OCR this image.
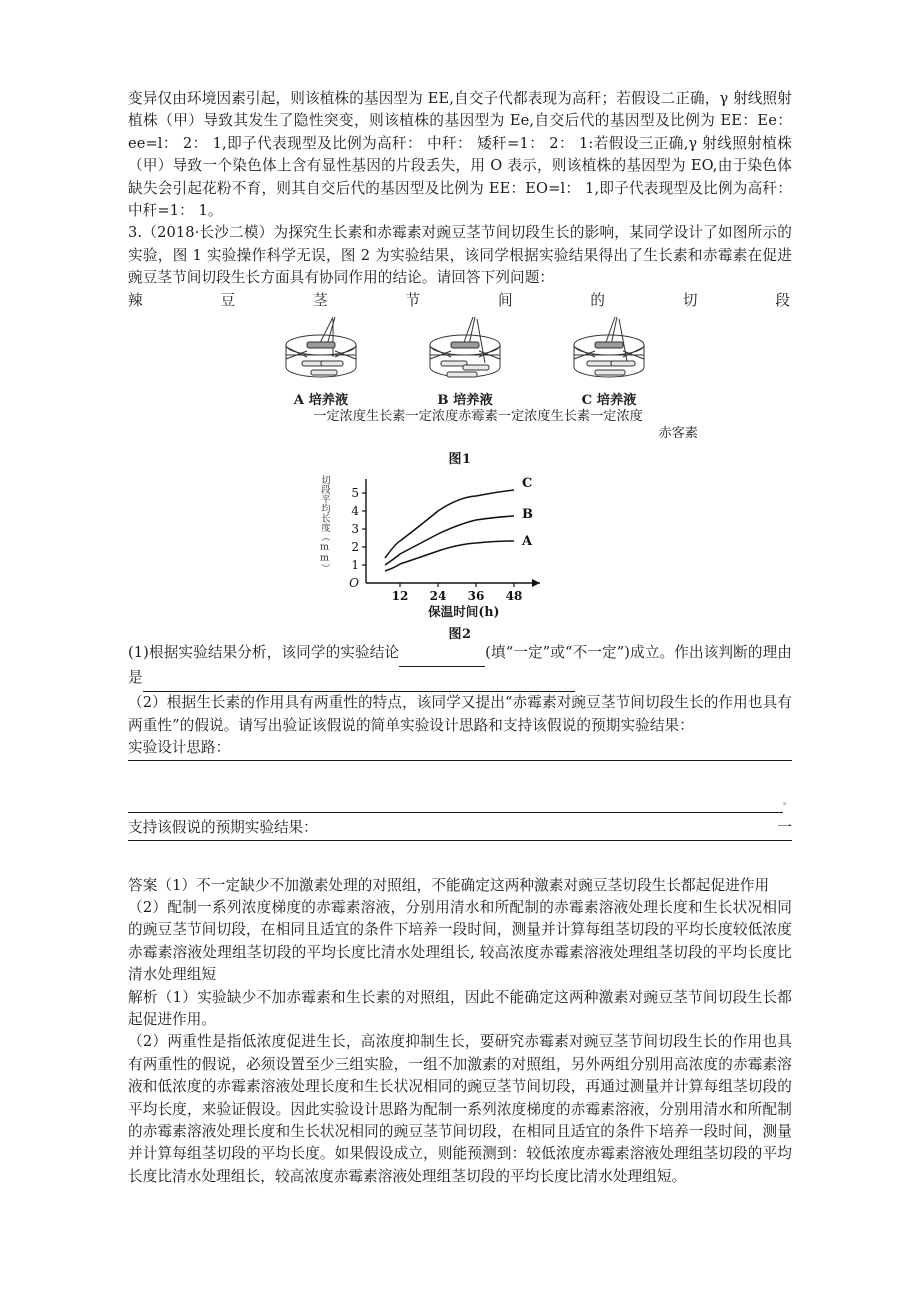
变异仅由环境因素引起，则该植株的基因型为 EE,自交子代都表现为高秆；若假设二正确，γ 射线照射植株（甲）导致其发生了隐性突变，则该植株的基因型为 Ee,自交后代的基因型及比例为 EE：Ee：ee=l： 2： 1,即子代表现型及比例为高秆： 中秆： 矮秆=1： 2： 1:若假设三正确,γ 射线照射植株（甲）导致一个染色体上含有显性基因的片段丢失，用 O 表示，则该植株的基因型为 EO,由于染色体缺失会引起花粉不育，则其自交后代的基因型及比例为 EE：EO=l： 1,即子代表现型及比例为高秆：中秆=1： 1。

3.（2018·长沙二模）为探究生长素和赤霉素对豌豆茎节间切段生长的影响，某同学设计了如图所示的实验，图 1 实验操作科学无误，图 2 为实验结果，该同学根据实验结果得出了生长素和赤霉素在促进豌豆茎节间切段生长方面具有协同作用的结论。请回答下列问题：

辣	豆	茎	节	间	的	切	段
A 培养液	B 培养液	C 培养液
一定浓度生长素一定浓度赤霉素一定浓度生长素一定浓度
赤客素
图1
切段平均长度（mm） 1
2
3
4
5
O
12 24 36 48
C
B
A
保温时间(h)
图2

(1)根据实验结果分析，该同学的实验结论	(填“一定”或“不一定”)成立。作出该判断的理由是

（2）根据生长素的作用具有两重性的特点，该同学又提出“赤霉素对豌豆茎节间切段生长的作用也具有两重性”的假说。请写出验证该假说的简单实验设计思路和支持该假说的预期实验结果：

实验设计思路：
。
支持该假说的预期实验结果：	一

答案（1）不一定缺少不加激素处理的对照组，不能确定这两种激素对豌豆茎切段生长都起促进作用

（2）配制一系列浓度梯度的赤霉素溶液，分别用清水和所配制的赤霉素溶液处理长度和生长状况相同的豌豆茎节间切段，在相同且适宜的条件下培养一段时间，测量并计算每组茎切段的平均长度较低浓度赤霉素溶液处理组茎切段的平均长度比清水处理组长, 较高浓度赤霉素溶液处理组茎切段的平均长度比清水处理组短

解析（1）实验缺少不加赤霉素和生长素的对照组，因此不能确定这两种激素对豌豆茎节间切段生长都起促进作用。

（2）两重性是指低浓度促进生长，高浓度抑制生长，要研究赤霉素对豌豆茎节间切段生长的作用也具有两重性的假说，必须设置至少三组实脸，一组不加激素的对照组，另外两组分别用高浓度的赤霉素溶液和低浓度的赤霉素溶液处理长度和生长状况相同的豌豆茎节间切段，再通过测量并计算每组茎切段的平均长度，来验证假设。因此实验设计思路为配制一系列浓度梯度的赤霉素溶液，分别用清水和所配制的赤霉素溶液处理长度和生长状况相同的豌豆茎节间切段，在相同且适宜的条件下培养一段时间，测量并计算每组茎切段的平均长度。如果假设成立，则能预测到：较低浓度赤霉素溶液处理组茎切段的平均长度比清水处理组长，较高浓度赤霉素溶液处理组茎切段的平均长度比清水处理组短。
